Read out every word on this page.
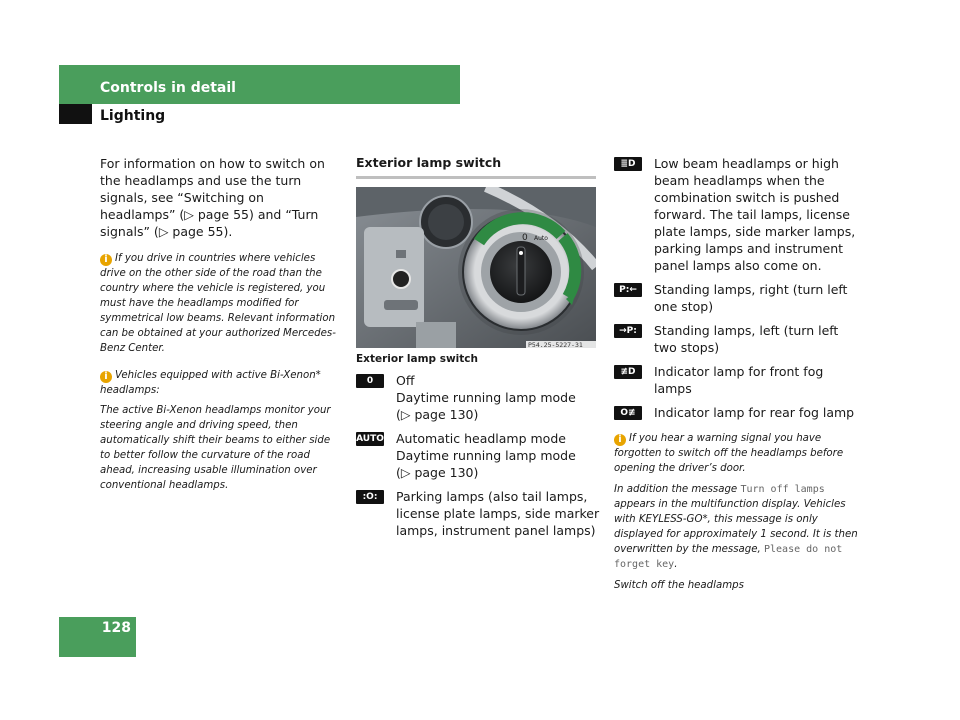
Controls in detail
Lighting

For information on how to switch on the headlamps and use the turn signals, see “Switching on headlamps” (▷ page 55) and “Turn signals” (▷ page 55).

i If you drive in countries where vehicles drive on the other side of the road than the country where the vehicle is registered, you must have the headlamps modified for symmetrical low beams. Relevant information can be obtained at your authorized Mercedes-Benz Center.

i Vehicles equipped with active Bi-Xenon* headlamps:

The active Bi-Xenon headlamps monitor your steering angle and driving speed, then automatically shift their beams to either side to better follow the curvature of the road ahead, increasing usable illumination over conventional headlamps.

Exterior lamp switch

0 Auto
P54.25-5227-31
Exterior lamp switch
0	Off
Daytime running lamp mode
(▷ page 130)
AUTO Automatic headlamp mode
Daytime running lamp mode
(▷ page 130)
:O:	Parking lamps (also tail lamps, license plate lamps, side marker lamps, instrument panel lamps)
≣D	Low beam headlamps or high beam headlamps when the combination switch is pushed forward. The tail lamps, license plate lamps, side marker lamps, parking lamps and instrument panel lamps also come on.
P:←	Standing lamps, right (turn left one stop)
→P:	Standing lamps, left (turn left two stops)
≢D	Indicator lamp for front fog lamps
O≢	Indicator lamp for rear fog lamp

i If you hear a warning signal you have forgotten to switch off the headlamps before opening the driver’s door.

In addition the message Turn off lamps appears in the multifunction display. Vehicles with KEYLESS-GO*, this message is only displayed for approximately 1 second. It is then overwritten by the message, Please do not forget key.

Switch off the headlamps

128
